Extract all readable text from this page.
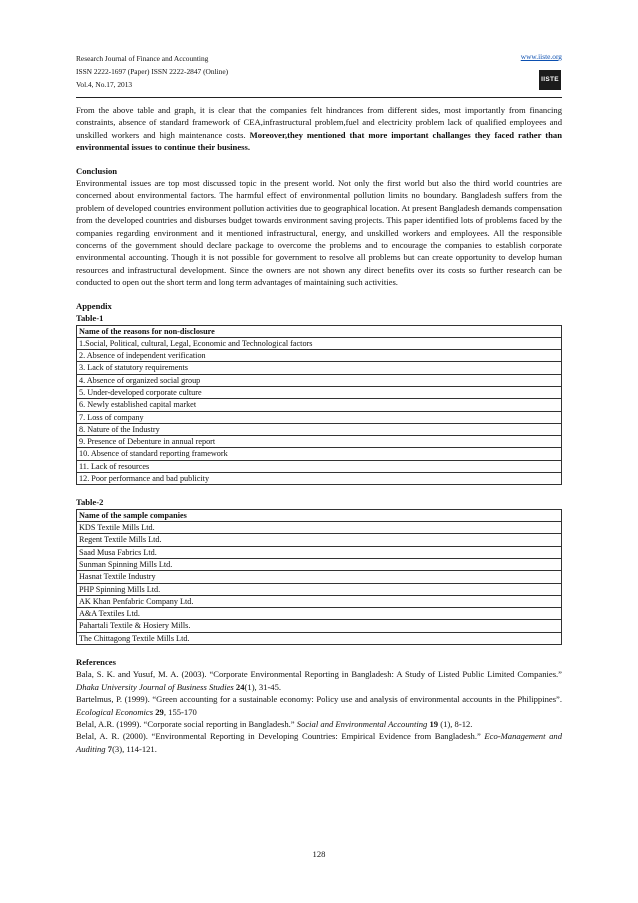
Research Journal of Finance and Accounting
ISSN 2222-1697 (Paper) ISSN 2222-2847 (Online)
Vol.4, No.17, 2013
www.iiste.org
IISTE

From the above table and graph, it is clear that the companies felt hindrances from different sides, most importantly from financing constraints, absence of standard framework of CEA,infrastructural problem,fuel and electricity problem lack of qualified employees and unskilled workers and high maintenance costs. Moreover,they mentioned that more important challanges they faced rather than environmental issues to continue their business.

Conclusion

Environmental issues are top most discussed topic in the present world. Not only the first world but also the third world countries are concerned about environmental factors. The harmful effect of environmental pollution limits no boundary. Bangladesh suffers from the problem of developed countries environment pollution activities due to geographical location. At present Bangladesh demands compensation from the developed countries and disburses budget towards environment saving projects. This paper identified lots of problems faced by the companies regarding environment and it mentioned infrastructural, energy, and unskilled workers and employees. All the responsible concerns of the government should declare package to overcome the problems and to encourage the companies to establish corporate environmental accounting. Though it is not possible for government to resolve all problems but can create opportunity to develop human resources and infrastructural development. Since the owners are not shown any direct benefits over its costs so further research can be conducted to open out the short term and long term advantages of maintaining such activities.

Appendix
Table-1
Name of the reasons for non-disclosure
1.Social, Political, cultural, Legal, Economic and Technological factors
2. Absence of independent verification
3. Lack of statutory requirements
4. Absence of organized social group
5. Under-developed corporate culture
6. Newly established capital market
7. Loss of company
8. Nature of the Industry
9. Presence of Debenture in annual report
10. Absence of standard reporting framework
11. Lack of resources
12. Poor performance and bad publicity
Table-2
Name of the sample companies
KDS Textile Mills Ltd.
Regent Textile Mills Ltd.
Saad Musa Fabrics Ltd.
Sunman Spinning Mills Ltd.
Hasnat Textile Industry
PHP Spinning Mills Ltd.
AK Khan Penfabric Company Ltd.
A&A Textiles Ltd.
Pahartali Textile & Hosiery Mills.
The Chittagong Textile Mills Ltd.
References

Bala, S. K. and Yusuf, M. A. (2003). “Corporate Environmental Reporting in Bangladesh: A Study of Listed Public Limited Companies.” Dhaka University Journal of Business Studies 24(1), 31-45.

Bartelmus, P. (1999). “Green accounting for a sustainable economy: Policy use and analysis of environmental accounts in the Philippines”. Ecological Economics 29, 155-170

Belal, A.R. (1999). “Corporate social reporting in Bangladesh.” Social and Environmental Accounting 19 (1), 8-12.

Belal, A. R. (2000). “Environmental Reporting in Developing Countries: Empirical Evidence from Bangladesh.” Eco-Management and Auditing 7(3), 114-121.

128
